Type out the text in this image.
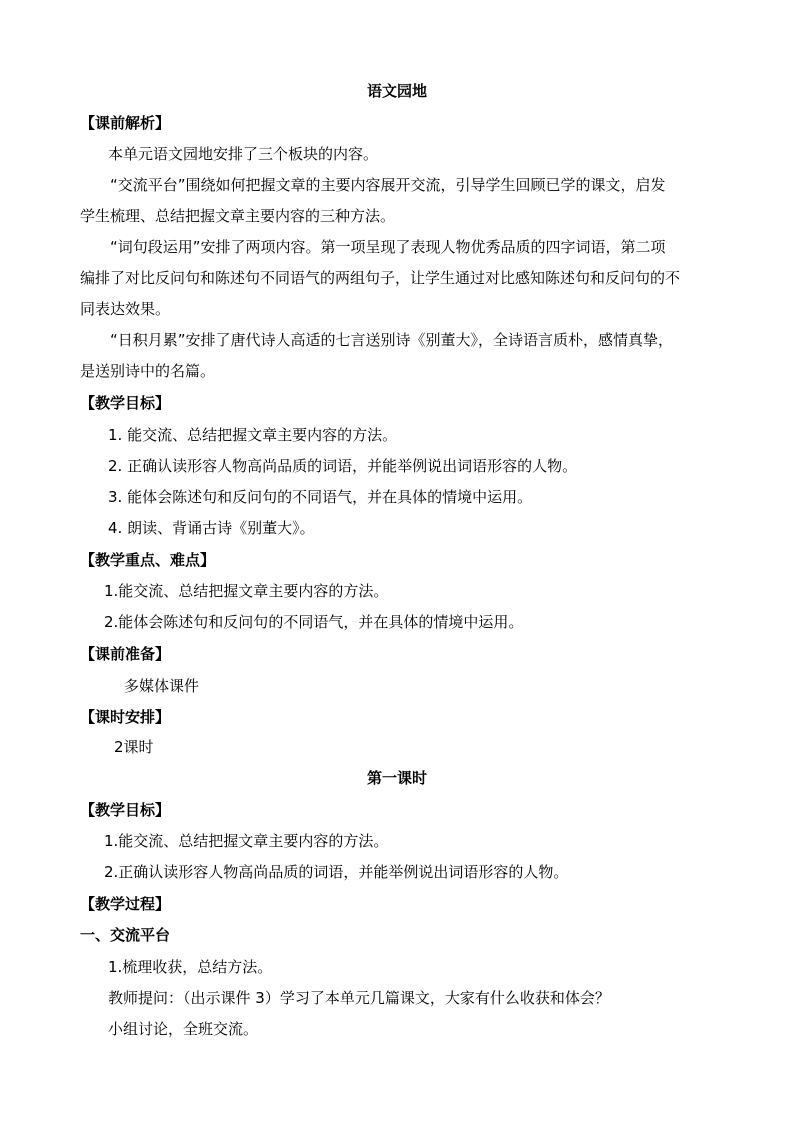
语文园地
【课前解析】
本单元语文园地安排了三个板块的内容。
“交流平台”围绕如何把握文章的主要内容展开交流，引导学生回顾已学的课文，启发
学生梳理、总结把握文章主要内容的三种方法。
“词句段运用”安排了两项内容。第一项呈现了表现人物优秀品质的四字词语，第二项
编排了对比反问句和陈述句不同语气的两组句子，让学生通过对比感知陈述句和反问句的不
同表达效果。
“日积月累”安排了唐代诗人高适的七言送别诗《别董大》，全诗语言质朴，感情真挚，
是送别诗中的名篇。
【教学目标】
1. 能交流、总结把握文章主要内容的方法。
2. 正确认读形容人物高尚品质的词语，并能举例说出词语形容的人物。
3. 能体会陈述句和反问句的不同语气，并在具体的情境中运用。
4. 朗读、背诵古诗《别董大》。
【教学重点、难点】
1.能交流、总结把握文章主要内容的方法。
2.能体会陈述句和反问句的不同语气，并在具体的情境中运用。
【课前准备】
多媒体课件
【课时安排】
2课时
第一课时
【教学目标】
1.能交流、总结把握文章主要内容的方法。
2.正确认读形容人物高尚品质的词语，并能举例说出词语形容的人物。
【教学过程】
一、交流平台
1.梳理收获，总结方法。
教师提问：（出示课件 3）学习了本单元几篇课文，大家有什么收获和体会？
小组讨论，全班交流。
